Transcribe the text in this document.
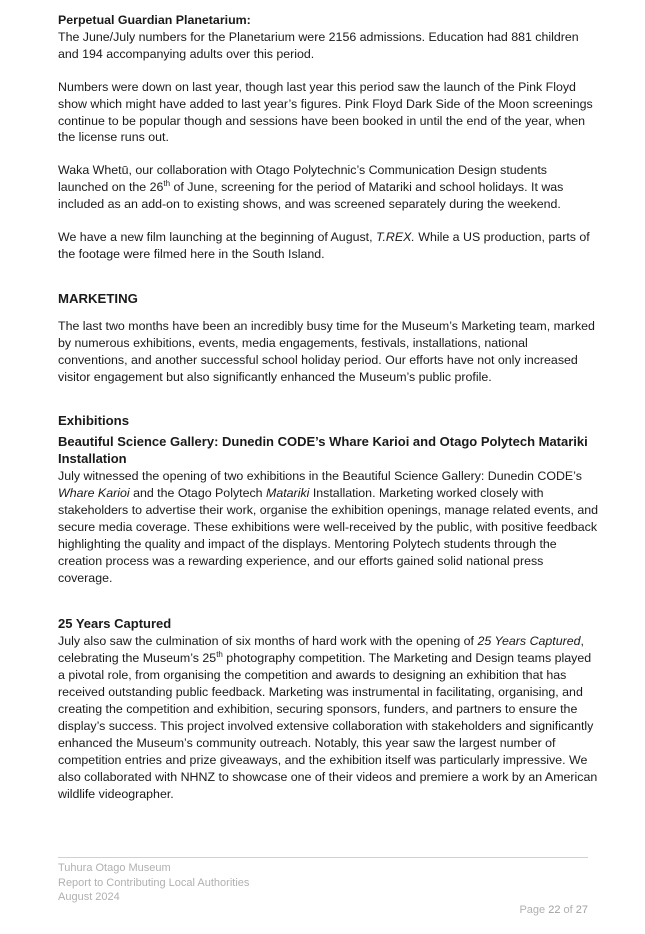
Perpetual Guardian Planetarium:

The June/July numbers for the Planetarium were 2156 admissions. Education had 881 children and 194 accompanying adults over this period.

Numbers were down on last year, though last year this period saw the launch of the Pink Floyd show which might have added to last year’s figures. Pink Floyd Dark Side of the Moon screenings continue to be popular though and sessions have been booked in until the end of the year, when the license runs out.

Waka Whetū, our collaboration with Otago Polytechnic’s Communication Design students launched on the 26th of June, screening for the period of Matariki and school holidays. It was included as an add-on to existing shows, and was screened separately during the weekend.

We have a new film launching at the beginning of August, T.REX. While a US production, parts of the footage were filmed here in the South Island.

MARKETING

The last two months have been an incredibly busy time for the Museum’s Marketing team, marked by numerous exhibitions, events, media engagements, festivals, installations, national conventions, and another successful school holiday period. Our efforts have not only increased visitor engagement but also significantly enhanced the Museum’s public profile.

Exhibitions

Beautiful Science Gallery: Dunedin CODE’s Whare Karioi and Otago Polytech Matariki Installation

July witnessed the opening of two exhibitions in the Beautiful Science Gallery: Dunedin CODE’s Whare Karioi and the Otago Polytech Matariki Installation. Marketing worked closely with stakeholders to advertise their work, organise the exhibition openings, manage related events, and secure media coverage. These exhibitions were well-received by the public, with positive feedback highlighting the quality and impact of the displays. Mentoring Polytech students through the creation process was a rewarding experience, and our efforts gained solid national press coverage.

25 Years Captured

July also saw the culmination of six months of hard work with the opening of 25 Years Captured, celebrating the Museum’s 25th photography competition. The Marketing and Design teams played a pivotal role, from organising the competition and awards to designing an exhibition that has received outstanding public feedback. Marketing was instrumental in facilitating, organising, and creating the competition and exhibition, securing sponsors, funders, and partners to ensure the display’s success. This project involved extensive collaboration with stakeholders and significantly enhanced the Museum’s community outreach. Notably, this year saw the largest number of competition entries and prize giveaways, and the exhibition itself was particularly impressive. We also collaborated with NHNZ to showcase one of their videos and premiere a work by an American wildlife videographer.

Tuhura Otago Museum
Report to Contributing Local Authorities
August 2024
Page 22 of 27
